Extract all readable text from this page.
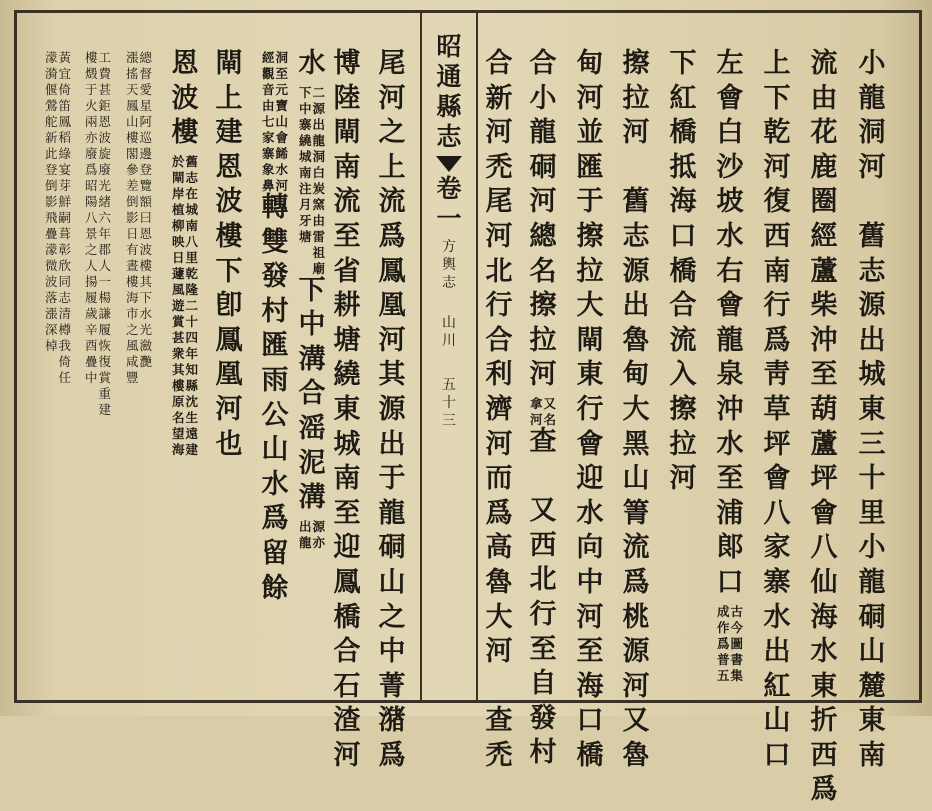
昭
通
縣
志
卷
一
方
輿
志
山
川
五
十
三
小
龍
洞
河

舊
志
源
出
城
東
三
十
里
小
龍
硐
山
麓
東
南
流
由
花
鹿
圈
經
蘆
柴
沖
至
葫
蘆
坪
會
八
仙
海
水
東
折
西
爲
上
下
乾
河
復
西
南
行
爲
靑
草
坪
會
八
家
寨
水
出
紅
山
口
左
會
白
沙
坡
水
右
會
龍
泉
沖
水
至
浦
郞
口
古
今
圖
書
集
成
作
爲
普
五
下
紅
橋
抵
海
口
橋
合
流
入
擦
拉
河
擦
拉
河

舊
志
源
出
魯
甸
大
黑
山
箐
流
爲
桃
源
河
又
魯
甸
河
並
匯
于
擦
拉
大
閘
東
行
會
迎
水
向
中
河
至
海
口
橋
合
小
龍
硐
河
總
名
擦
拉
河
又
名
拿
河
查

又
西
北
行
至
自
發
村
合
新
河
禿
尾
河
北
行
合
利
濟
河
而
爲
高
魯
大
河

查
禿
尾
河
之
上
流
爲
鳳
凰
河
其
源
出
于
龍
硐
山
之
中
菁
潴
爲
博
陸
閘
南
流
至
省
耕
塘
繞
東
城
南
至
迎
鳳
橋
合
石
渣
河
水
二
源
出
龍
洞
白
炭
窯
由
雷
祖
廟
下
中
寨
繞
城
南
注
月
牙
塘
下
中
溝
合
滛
泥
溝
源
亦
出
龍
洞
至
元
寶
山
會
餙
水
河
經
觀
音
由
七
家
寨
象
鼻
轉
雙
發
村
匯
雨
公
山
水
爲
留
餘
閘
上
建
恩
波
樓
下
卽
鳳
凰
河
也
恩
波
樓
舊
志
在
城
南
八
里
乾
隆
二
十
四
年
知
縣
沈
生
遠
建
於
閘
岸
植
柳
映
日
蘧
風
遊
賞
甚
衆
其
樓
原
名
望
海
總
督
愛
星
阿
巡
邊
登
覽
額
曰
恩
波
樓
其
下
水
光
瀲
灧
漲
搖
天
鳳
山
樓
閣
參
差
倒
影
日
有
晝
樓
海
市
之
風
咸
豐
工
費
甚
鉅
恩
波
旋
廢
光
緒
六
年
郡
人
一
楊
謙
履
恢
復
賞
重
建
樓
燬
于
火
兩
亦
廢
爲
昭
陽
八
景
之
人
揚
履
歲
辛
酉
疊
中
黃
宜
倚
笛
鳳
稻
綠
宴
芽
鮮
嗣
葺
彰
欣
同
志
清
樽
我
倚
任
濛
漪
偃
鶯
舵
新
此
登
倒
影
飛
疊
濛
微
波
落
漲
深
棹
